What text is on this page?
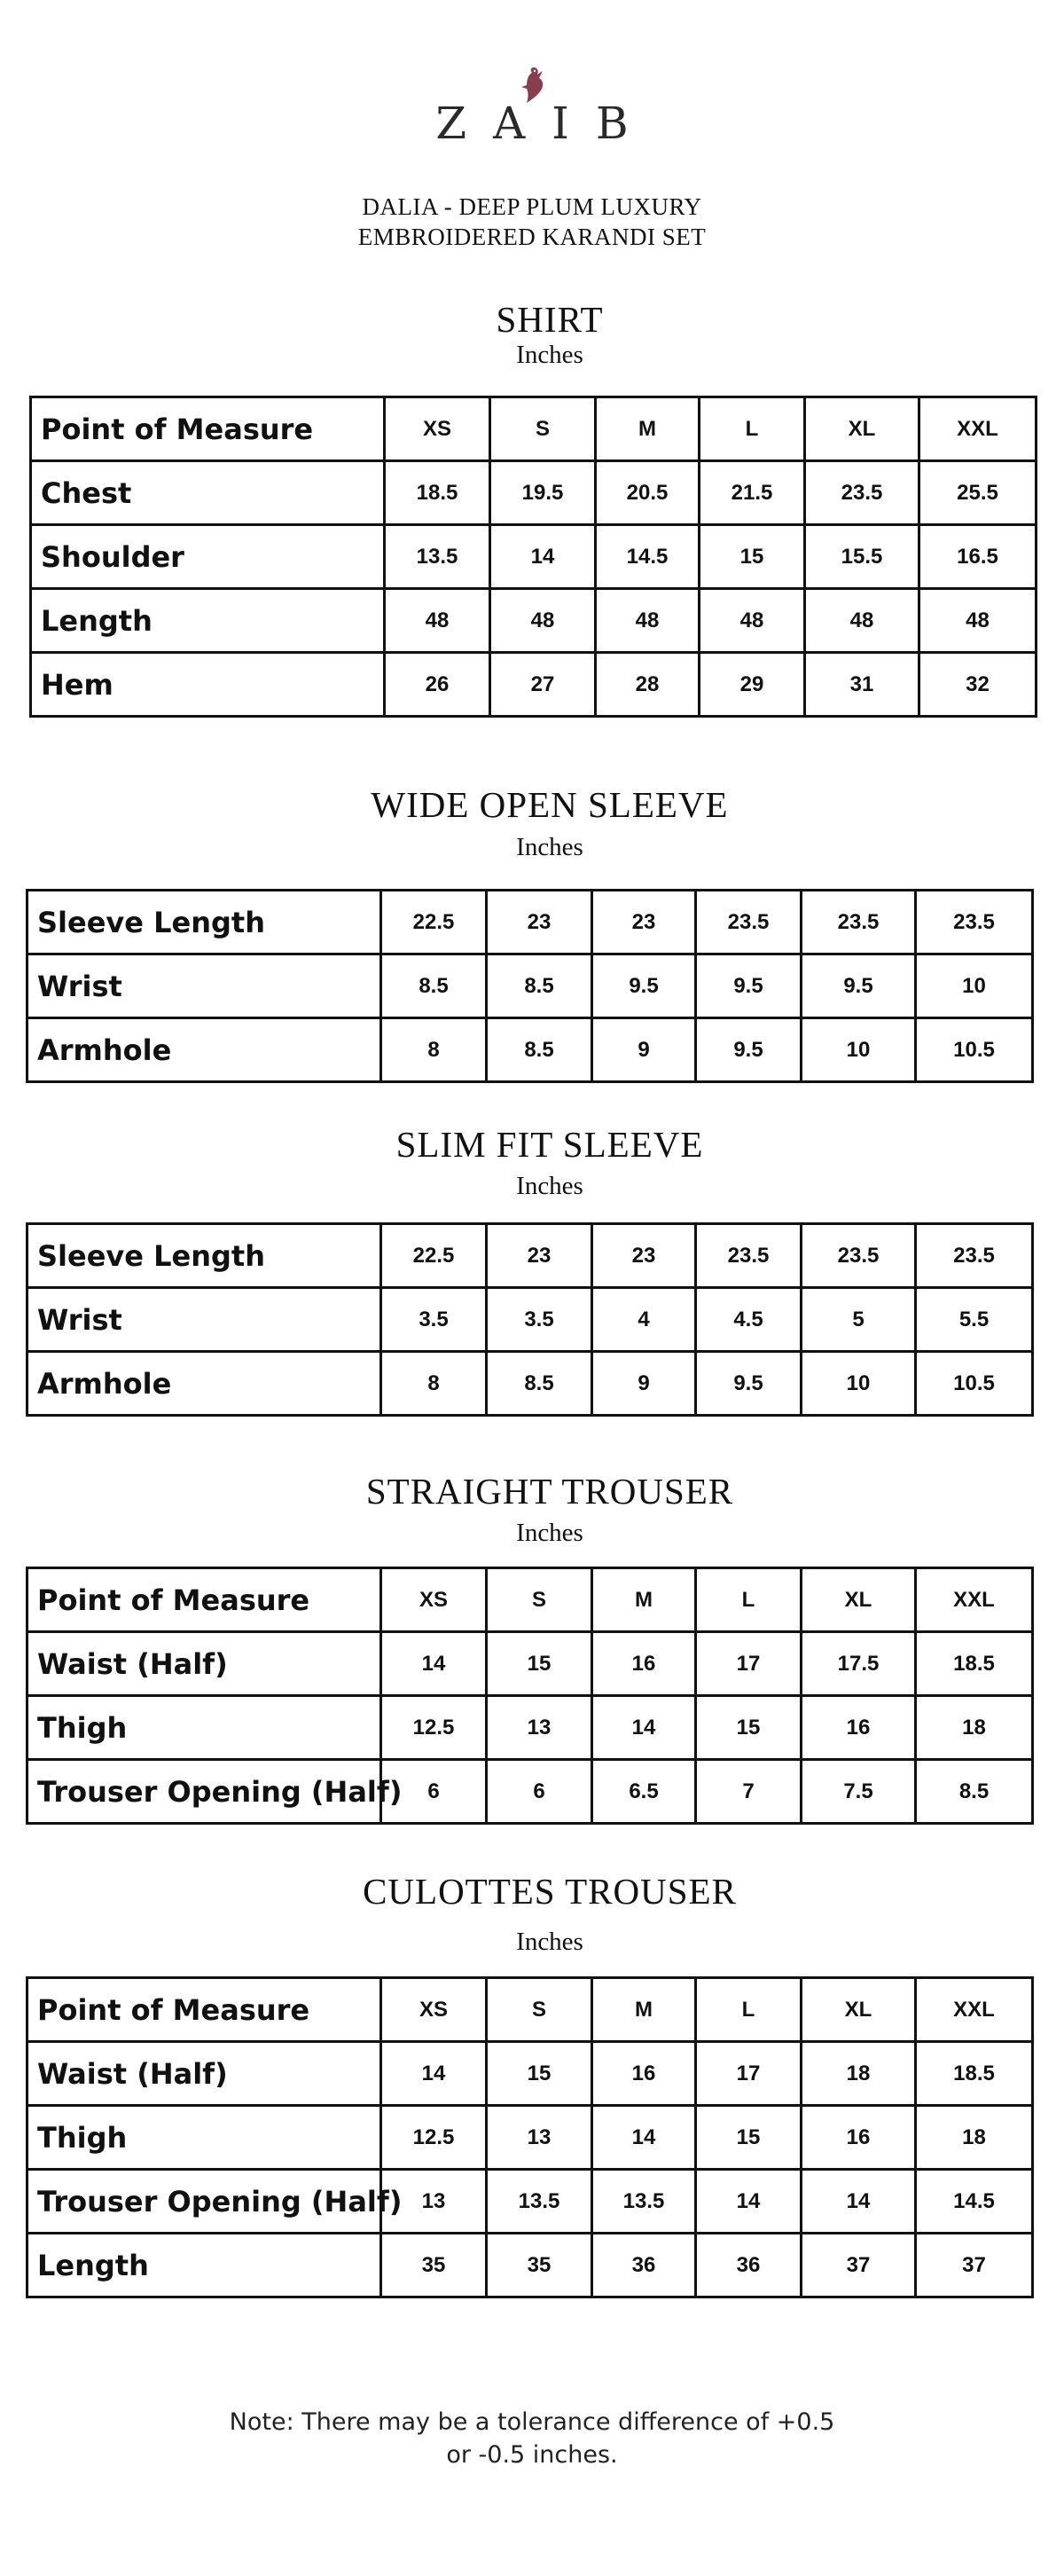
ZAIB
DALIA - DEEP PLUM LUXURY
EMBROIDERED KARANDI SET
SHIRT
Inches
Point of Measure	XS	S	M	L	XL	XXL
Chest	18.5	19.5	20.5	21.5	23.5	25.5
Shoulder	13.5	14	14.5	15	15.5	16.5
Length	48	48	48	48	48	48
Hem	26	27	28	29	31	32
WIDE OPEN SLEEVE
Inches
Sleeve Length	22.5	23	23	23.5	23.5	23.5
Wrist	8.5	8.5	9.5	9.5	9.5	10
Armhole	8	8.5	9	9.5	10	10.5
SLIM FIT SLEEVE
Inches
Sleeve Length	22.5	23	23	23.5	23.5	23.5
Wrist	3.5	3.5	4	4.5	5	5.5
Armhole	8	8.5	9	9.5	10	10.5
STRAIGHT TROUSER
Inches
Point of Measure	XS	S	M	L	XL	XXL
Waist (Half)	14	15	16	17	17.5	18.5
Thigh	12.5	13	14	15	16	18
Trouser Opening (Half)	6	6	6.5	7	7.5	8.5
CULOTTES TROUSER
Inches
Point of Measure	XS	S	M	L	XL	XXL
Waist (Half)	14	15	16	17	18	18.5
Thigh	12.5	13	14	15	16	18
Trouser Opening (Half)	13	13.5	13.5	14	14	14.5
Length	35	35	36	36	37	37
Note: There may be a tolerance difference of +0.5
or -0.5 inches.
